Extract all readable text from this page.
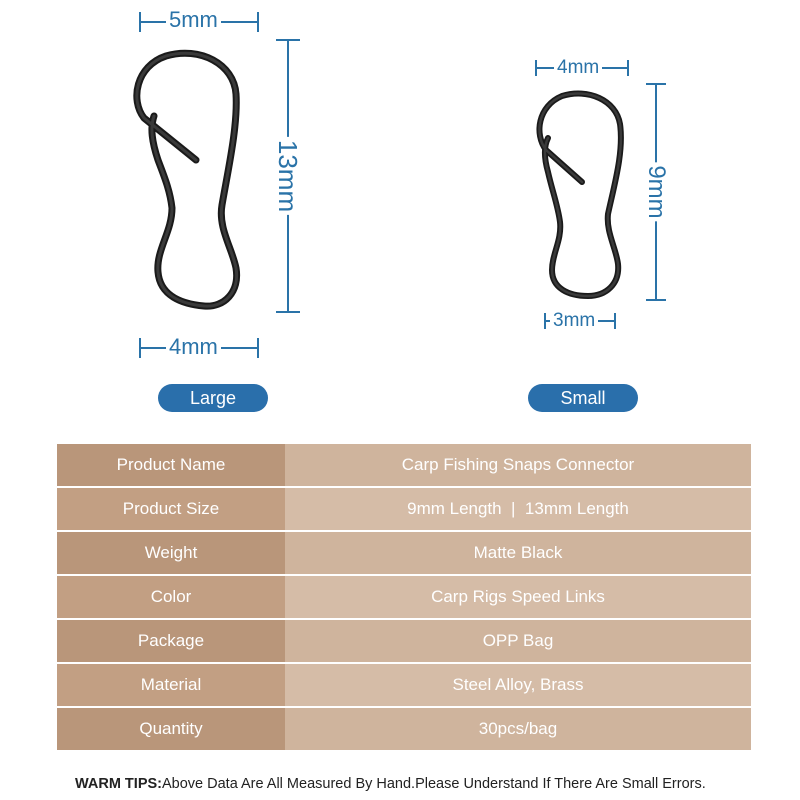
5mm
13mm
4mm
Large
4mm
9mm
3mm
Small
Product Name	Carp Fishing Snaps Connector
Product Size	9mm Length  |  13mm Length
Weight	Matte Black
Color	Carp Rigs Speed Links
Package	OPP Bag
Material	Steel Alloy, Brass
Quantity	30pcs/bag
WARM TIPS:Above Data Are All Measured By Hand.Please Understand If There Are Small Errors.
